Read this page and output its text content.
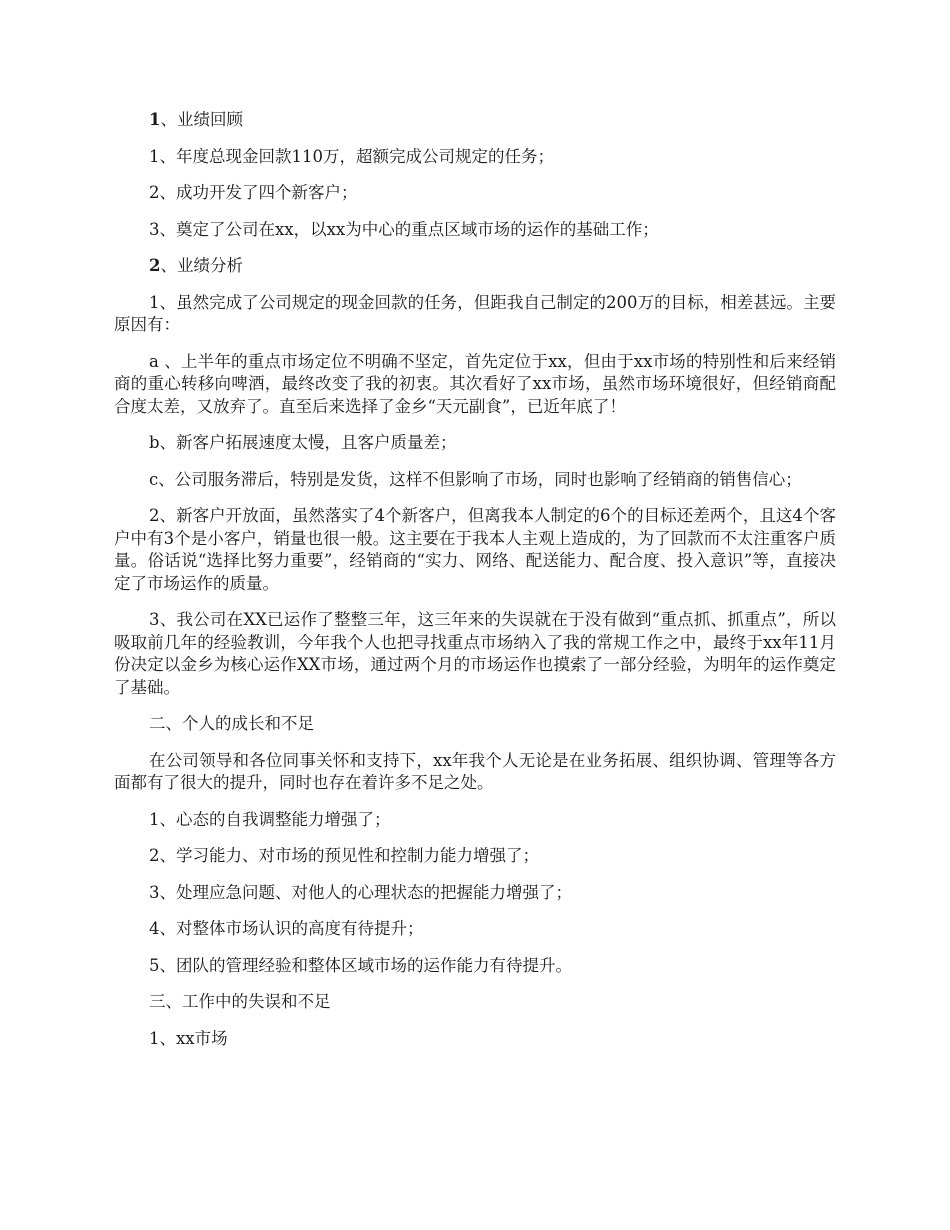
1、业绩回顾

1、年度总现金回款110万，超额完成公司规定的任务；

2、成功开发了四个新客户；

3、奠定了公司在xx，以xx为中心的重点区域市场的运作的基础工作；

2、业绩分析

1、虽然完成了公司规定的现金回款的任务，但距我自己制定的200万的目标，相差甚远。主要原因有：

a 、上半年的重点市场定位不明确不坚定，首先定位于xx，但由于xx市场的特别性和后来经销商的重心转移向啤酒，最终改变了我的初衷。其次看好了xx市场，虽然市场环境很好，但经销商配合度太差，又放弃了。直至后来选择了金乡“天元副食”，已近年底了！

b、新客户拓展速度太慢，且客户质量差；

c、公司服务滞后，特别是发货，这样不但影响了市场，同时也影响了经销商的销售信心；

2、新客户开放面，虽然落实了4个新客户，但离我本人制定的6个的目标还差两个，且这4个客户中有3个是小客户，销量也很一般。这主要在于我本人主观上造成的，为了回款而不太注重客户质量。俗话说“选择比努力重要”，经销商的“实力、网络、配送能力、配合度、投入意识”等，直接决定了市场运作的质量。

3、我公司在XX已运作了整整三年，这三年来的失误就在于没有做到“重点抓、抓重点”，所以吸取前几年的经验教训，今年我个人也把寻找重点市场纳入了我的常规工作之中，最终于xx年11月份决定以金乡为核心运作XX市场，通过两个月的市场运作也摸索了一部分经验，为明年的运作奠定了基础。

二、个人的成长和不足

在公司领导和各位同事关怀和支持下，xx年我个人无论是在业务拓展、组织协调、管理等各方面都有了很大的提升，同时也存在着许多不足之处。

1、心态的自我调整能力增强了；

2、学习能力、对市场的预见性和控制力能力增强了；

3、处理应急问题、对他人的心理状态的把握能力增强了；

4、对整体市场认识的高度有待提升；

5、团队的管理经验和整体区域市场的运作能力有待提升。

三、工作中的失误和不足

1、xx市场
